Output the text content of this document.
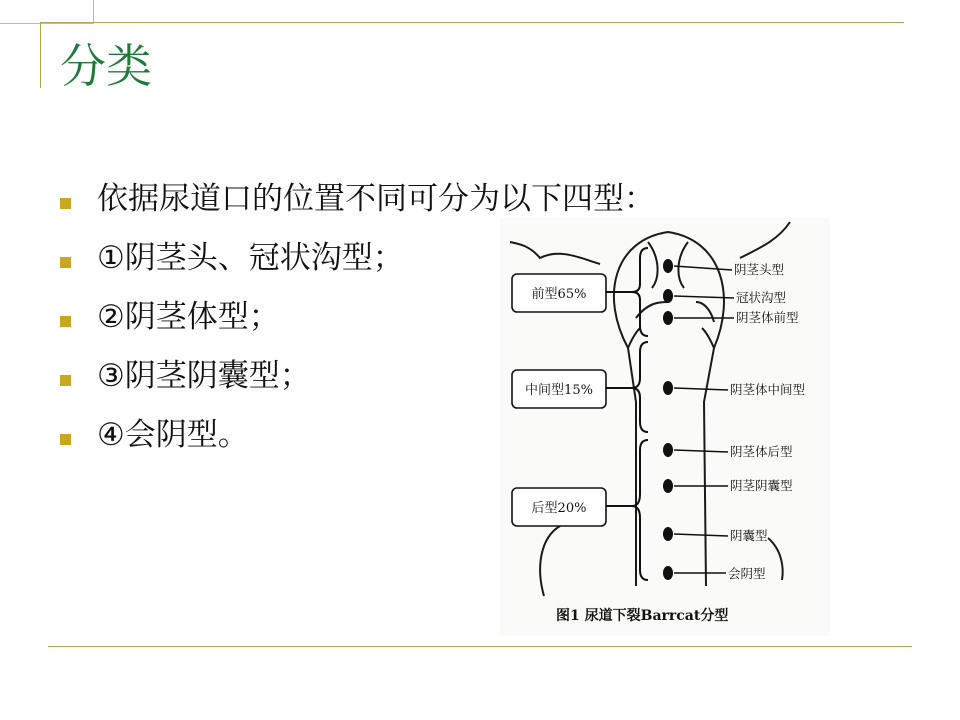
分类
依据尿道口的位置不同可分为以下四型：
①阴茎头、冠状沟型；
②阴茎体型；
③阴茎阴囊型；
④会阴型。
前型65%
中间型15%
后型20%
阴茎头型
冠状沟型
阴茎体前型
阴茎体中间型
阴茎体后型
阴茎阴囊型
阴囊型
会阴型
图1 尿道下裂Barrcat分型
